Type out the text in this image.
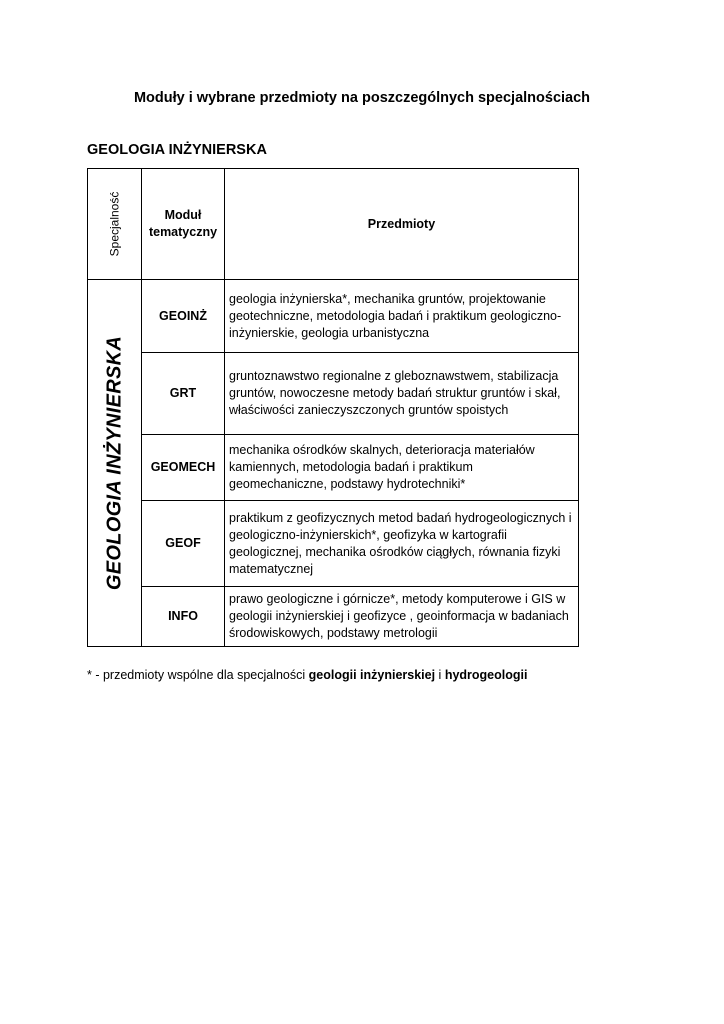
Moduły i wybrane przedmioty na poszczególnych specjalnościach
GEOLOGIA INŻYNIERSKA
Specjalność	Moduł tematyczny	Przedmioty

GEOLOGIA INŻYNIERSKA	GEOINŻ	geologia inżynierska*, mechanika gruntów, projektowanie geotechniczne, metodologia badań i praktikum geologiczno-inżynierskie, geologia urbanistyczna
	GRT	gruntoznawstwo regionalne z gleboznawstwem, stabilizacja gruntów, nowoczesne metody badań struktur gruntów i skał, właściwości zanieczyszczonych gruntów spoistych
	GEOMECH	mechanika ośrodków skalnych, deterioracja materiałów kamiennych, metodologia badań i praktikum geomechaniczne, podstawy hydrotechniki*
	GEOF	praktikum z geofizycznych metod badań hydrogeologicznych i geologiczno-inżynierskich*, geofizyka w kartografii geologicznej, mechanika ośrodków ciągłych, równania fizyki matematycznej
	INFO	prawo geologiczne i górnicze*, metody komputerowe i GIS w geologii inżynierskiej i geofizyce , geoinformacja w badaniach środowiskowych, podstawy metrologii

* - przedmioty wspólne dla specjalności geologii inżynierskiej i hydrogeologii
